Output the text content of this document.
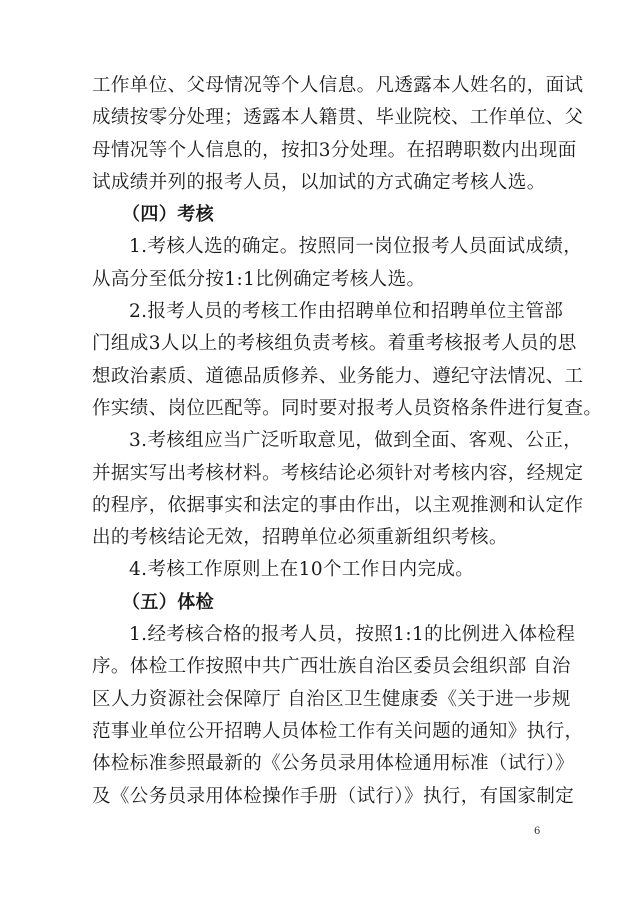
工作单位、父母情况等个人信息。凡透露本人姓名的，面试
成绩按零分处理；透露本人籍贯、毕业院校、工作单位、父
母情况等个人信息的，按扣3分处理。在招聘职数内出现面
试成绩并列的报考人员，以加试的方式确定考核人选。
（四）考核
1.考核人选的确定。按照同一岗位报考人员面试成绩，
从高分至低分按1:1比例确定考核人选。
2.报考人员的考核工作由招聘单位和招聘单位主管部
门组成3人以上的考核组负责考核。着重考核报考人员的思
想政治素质、道德品质修养、业务能力、遵纪守法情况、工
作实绩、岗位匹配等。同时要对报考人员资格条件进行复查。
3.考核组应当广泛听取意见，做到全面、客观、公正，
并据实写出考核材料。考核结论必须针对考核内容，经规定
的程序，依据事实和法定的事由作出，以主观推测和认定作
出的考核结论无效，招聘单位必须重新组织考核。
4.考核工作原则上在10个工作日内完成。
（五）体检
1.经考核合格的报考人员，按照1:1的比例进入体检程
序。体检工作按照中共广西壮族自治区委员会组织部 自治
区人力资源社会保障厅 自治区卫生健康委《关于进一步规
范事业单位公开招聘人员体检工作有关问题的通知》执行，
体检标准参照最新的《公务员录用体检通用标准（试行）》
及《公务员录用体检操作手册（试行）》执行，有国家制定
6
